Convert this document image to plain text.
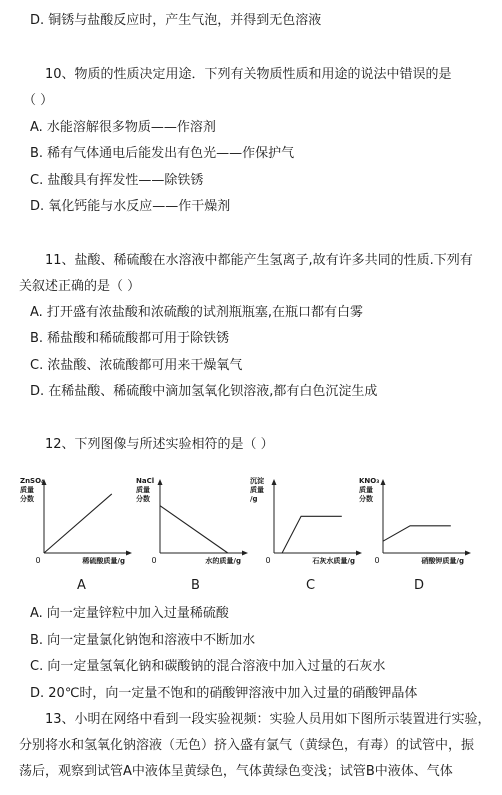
D. 铜锈与盐酸反应时，产生气泡，并得到无色溶液
10、物质的性质决定用途．下列有关物质性质和用途的说法中错误的是
（ ）
A. 水能溶解很多物质——作溶剂
B. 稀有气体通电后能发出有色光——作保护气
C. 盐酸具有挥发性——除铁锈
D. 氧化钙能与水反应——作干燥剂
11、盐酸、稀硫酸在水溶液中都能产生氢离子,故有许多共同的性质.下列有
关叙述正确的是（ ）
A. 打开盛有浓盐酸和浓硫酸的试剂瓶瓶塞,在瓶口都有白雾
B. 稀盐酸和稀硫酸都可用于除铁锈
C. 浓盐酸、浓硫酸都可用来干燥氧气
D. 在稀盐酸、稀硫酸中滴加氢氧化钡溶液,都有白色沉淀生成
12、下列图像与所述实验相符的是（ ）
ZnSO₄
质量
分数
稀硫酸质量/g
0
NaCl
质量
分数
水的质量/g
0
沉淀
质量
/g
石灰水质量/g
0
KNO₃
质量
分数
硝酸钾质量/g
0
A	B	C	D
A. 向一定量锌粒中加入过量稀硫酸
B. 向一定量氯化钠饱和溶液中不断加水
C. 向一定量氢氧化钠和碳酸钠的混合溶液中加入过量的石灰水
D. 20℃时，向一定量不饱和的硝酸钾溶液中加入过量的硝酸钾晶体
13、小明在网络中看到一段实验视频：实验人员用如下图所示装置进行实验，
分别将水和氢氧化钠溶液（无色）挤入盛有氯气（黄绿色，有毒）的试管中，振
荡后，观察到试管A中液体呈黄绿色，气体黄绿色变浅；试管B中液体、气体
